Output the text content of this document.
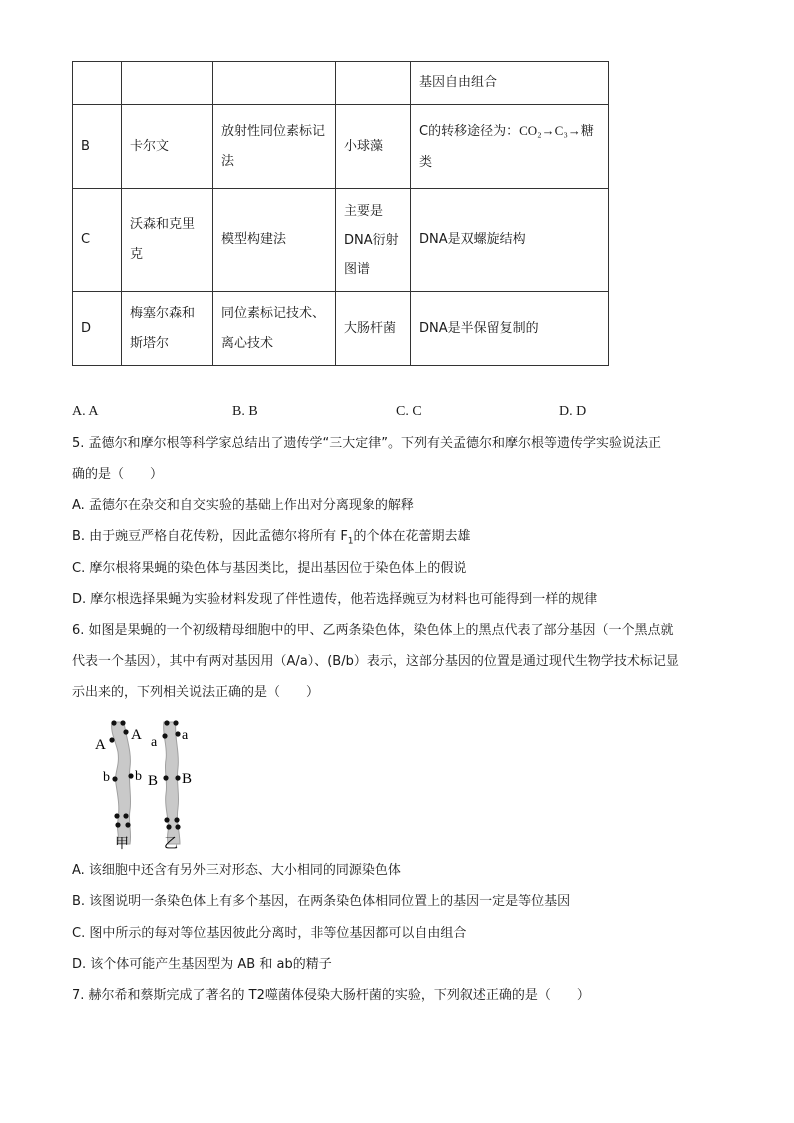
				基因自由组合
B	卡尔文	放射性同位素标记法	小球藻	C的转移途径为：CO₂→C₃→糖类
C	沃森和克里克	模型构建法	主要是DNA衍射图谱	DNA是双螺旋结构
D	梅塞尔森和斯塔尔	同位素标记技术、离心技术	大肠杆菌	DNA是半保留复制的
A. A	B. B	C. C	D. D
5. 孟德尔和摩尔根等科学家总结出了遗传学“三大定律”。下列有关孟德尔和摩尔根等遗传学实验说法正
确的是（　　）
A. 孟德尔在杂交和自交实验的基础上作出对分离现象的解释
B. 由于豌豆严格自花传粉，因此孟德尔将所有 $F_1$的个体在花蕾期去雄
C. 摩尔根将果蝇的染色体与基因类比，提出基因位于染色体上的假说
D. 摩尔根选择果蝇为实验材料发现了伴性遗传，他若选择豌豆为材料也可能得到一样的规律
6. 如图是果蝇的一个初级精母细胞中的甲、乙两条染色体，染色体上的黑点代表了部分基因（一个黑点就
代表一个基因），其中有两对基因用（A/a）、(B/b）表示，这部分基因的位置是通过现代生物学技术标记显
示出来的，下列相关说法正确的是（　　）
A
A
b b
a a
B B
甲	乙
A. 该细胞中还含有另外三对形态、大小相同的同源染色体
B. 该图说明一条染色体上有多个基因，在两条染色体相同位置上的基因一定是等位基因
C. 图中所示的每对等位基因彼此分离时，非等位基因都可以自由组合
D. 该个体可能产生基因型为 AB 和 ab的精子
7. 赫尔希和蔡斯完成了著名的 T2噬菌体侵染大肠杆菌的实验，下列叙述正确的是（　　）
